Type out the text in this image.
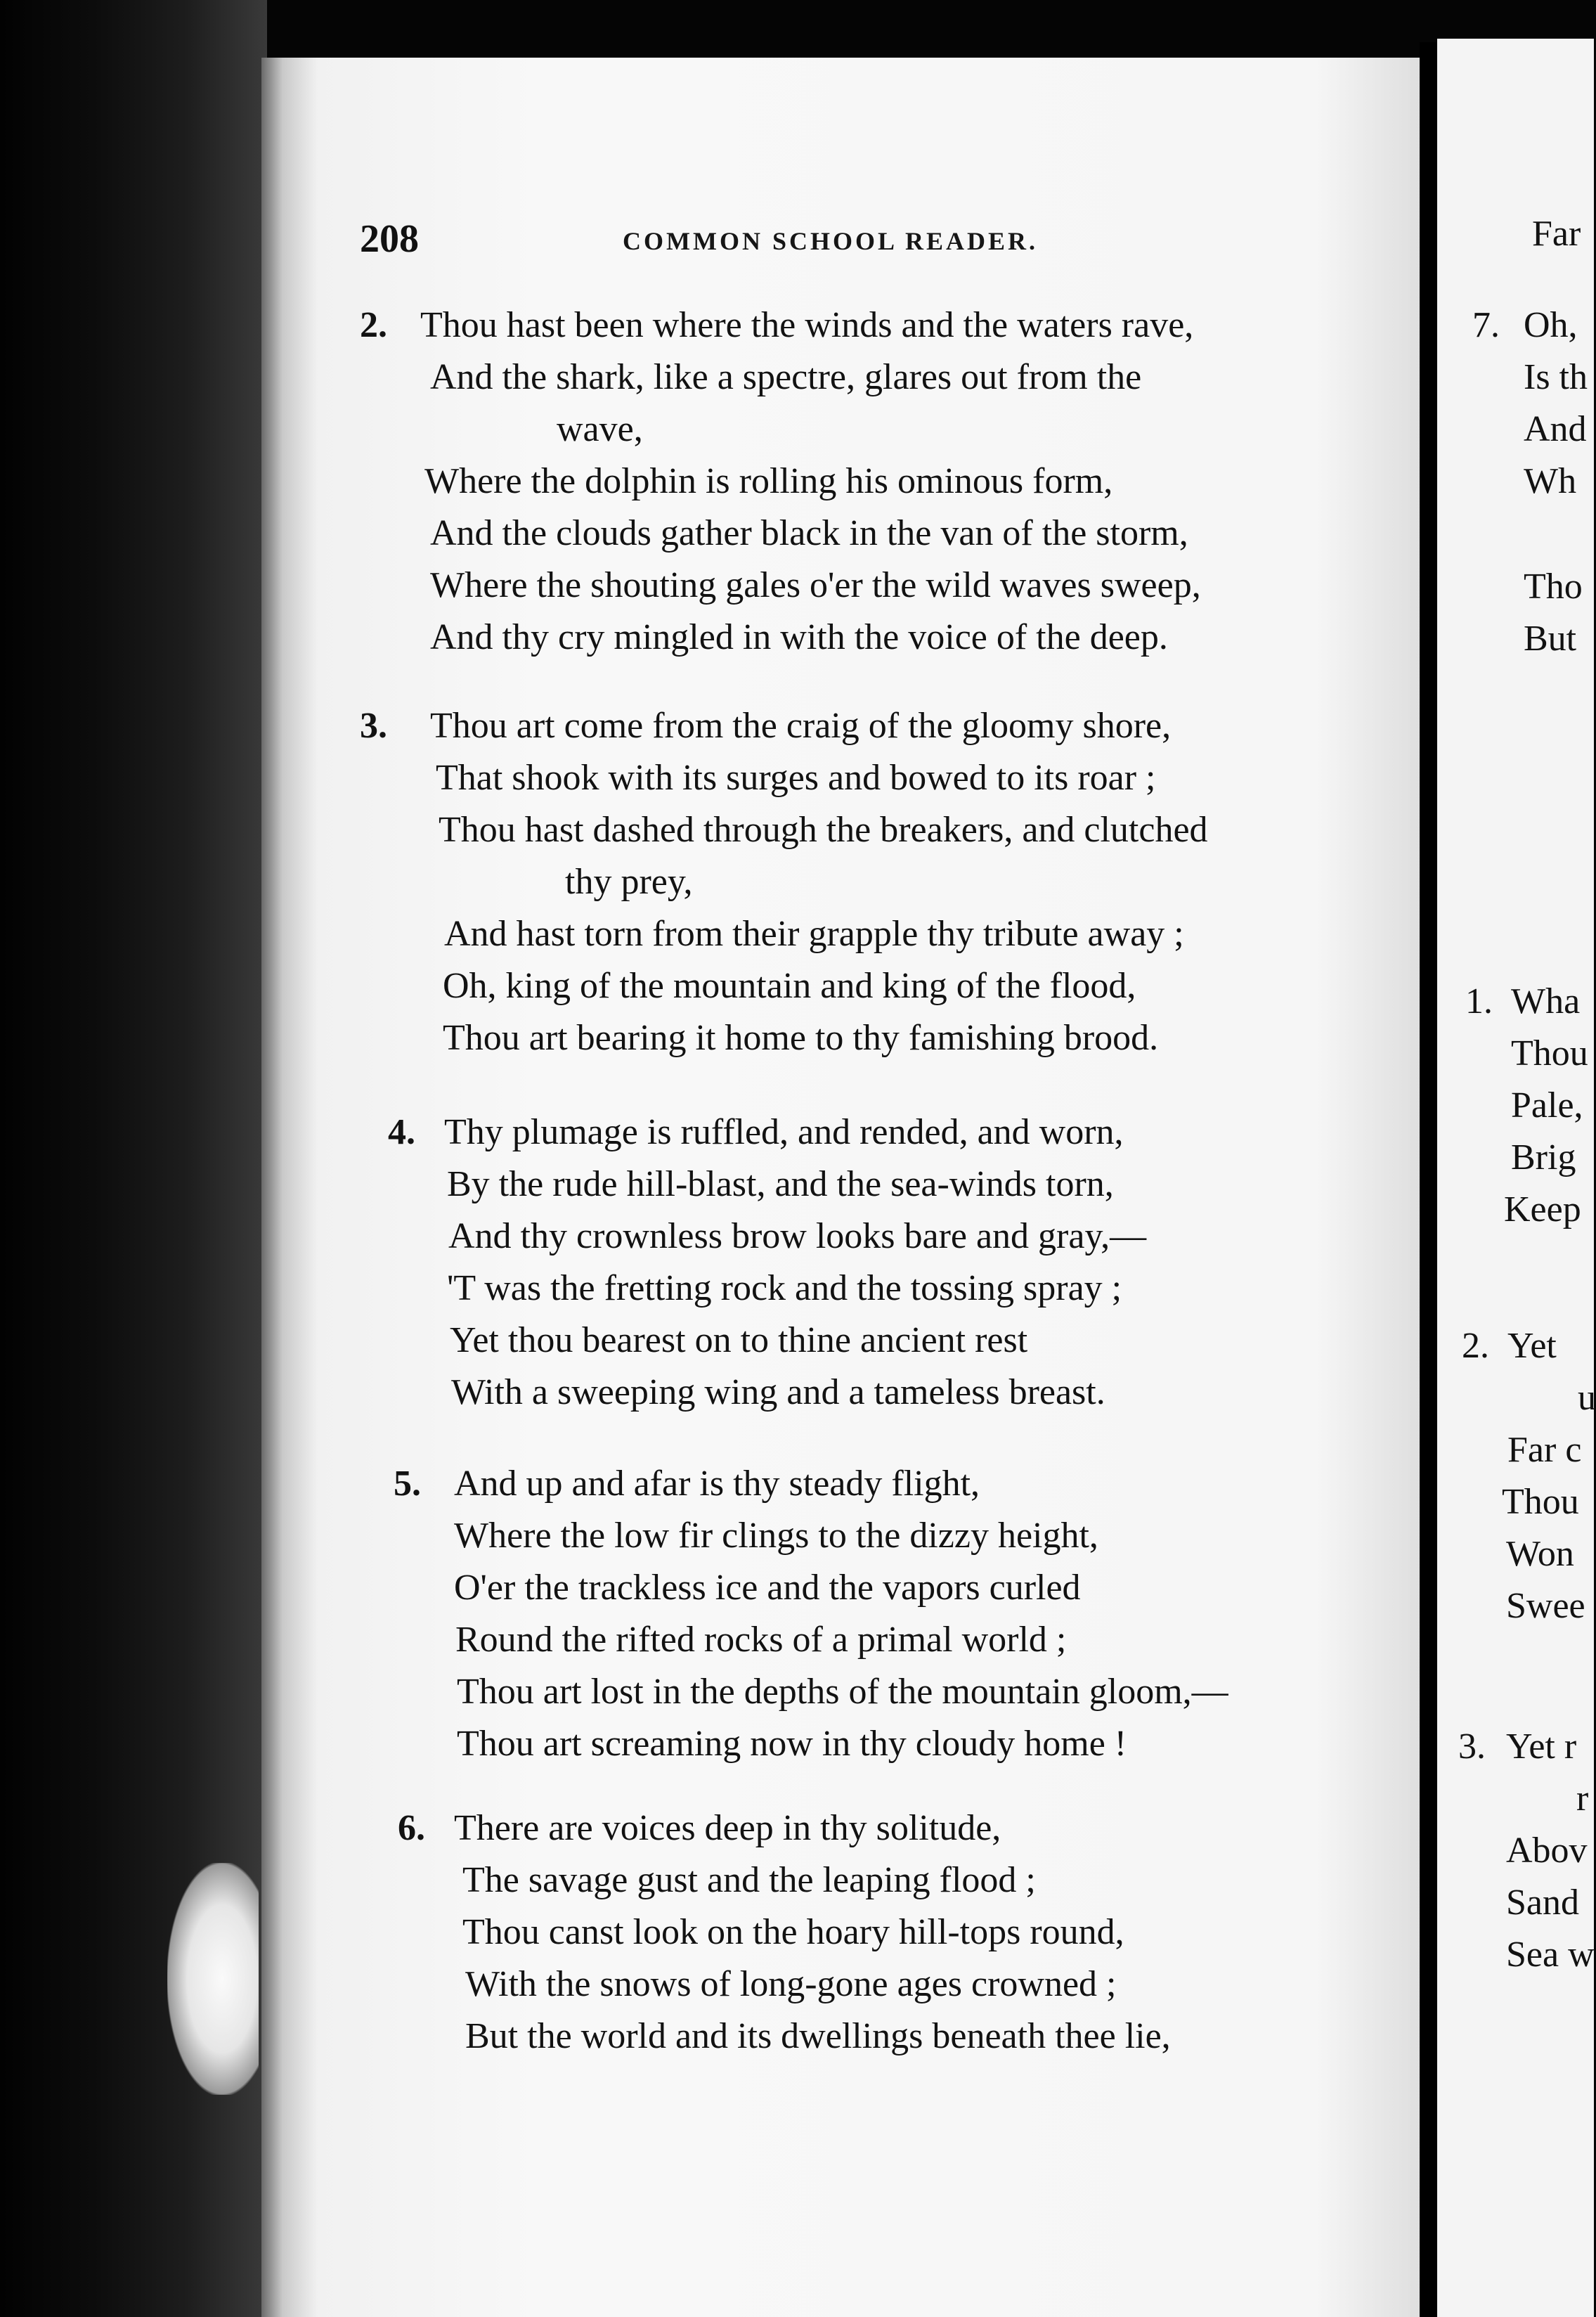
208	COMMON SCHOOL READER.
2. Thou hast been where the winds and the waters rave,
And the shark, like a spectre, glares out from the
wave,
Where the dolphin is rolling his ominous form,
And the clouds gather black in the van of the storm,
Where the shouting gales o'er the wild waves sweep,
And thy cry mingled in with the voice of the deep.
3. Thou art come from the craig of the gloomy shore,
That shook with its surges and bowed to its roar ;
Thou hast dashed through the breakers, and clutched
thy prey,
And hast torn from their grapple thy tribute away ;
Oh, king of the mountain and king of the flood,
Thou art bearing it home to thy famishing brood.
4. Thy plumage is ruffled, and rended, and worn,
By the rude hill-blast, and the sea-winds torn,
And thy crownless brow looks bare and gray,—
'T was the fretting rock and the tossing spray ;
Yet thou bearest on to thine ancient rest
With a sweeping wing and a tameless breast.
5. And up and afar is thy steady flight,
Where the low fir clings to the dizzy height,
O'er the trackless ice and the vapors curled
Round the rifted rocks of a primal world ;
Thou art lost in the depths of the mountain gloom,—
Thou art screaming now in thy cloudy home !
6. There are voices deep in thy solitude,
The savage gust and the leaping flood ;
Thou canst look on the hoary hill-tops round,
With the snows of long-gone ages crowned ;
But the world and its dwellings beneath thee lie,
Far
7. Oh,
Is th
And
Wh
Tho
But
1. Wha
Thou
Pale,
Brig
Keep
2. Yet
u
Far c
Thou
Won
Swee
3. Yet r
r
Abov
Sand
Sea w
